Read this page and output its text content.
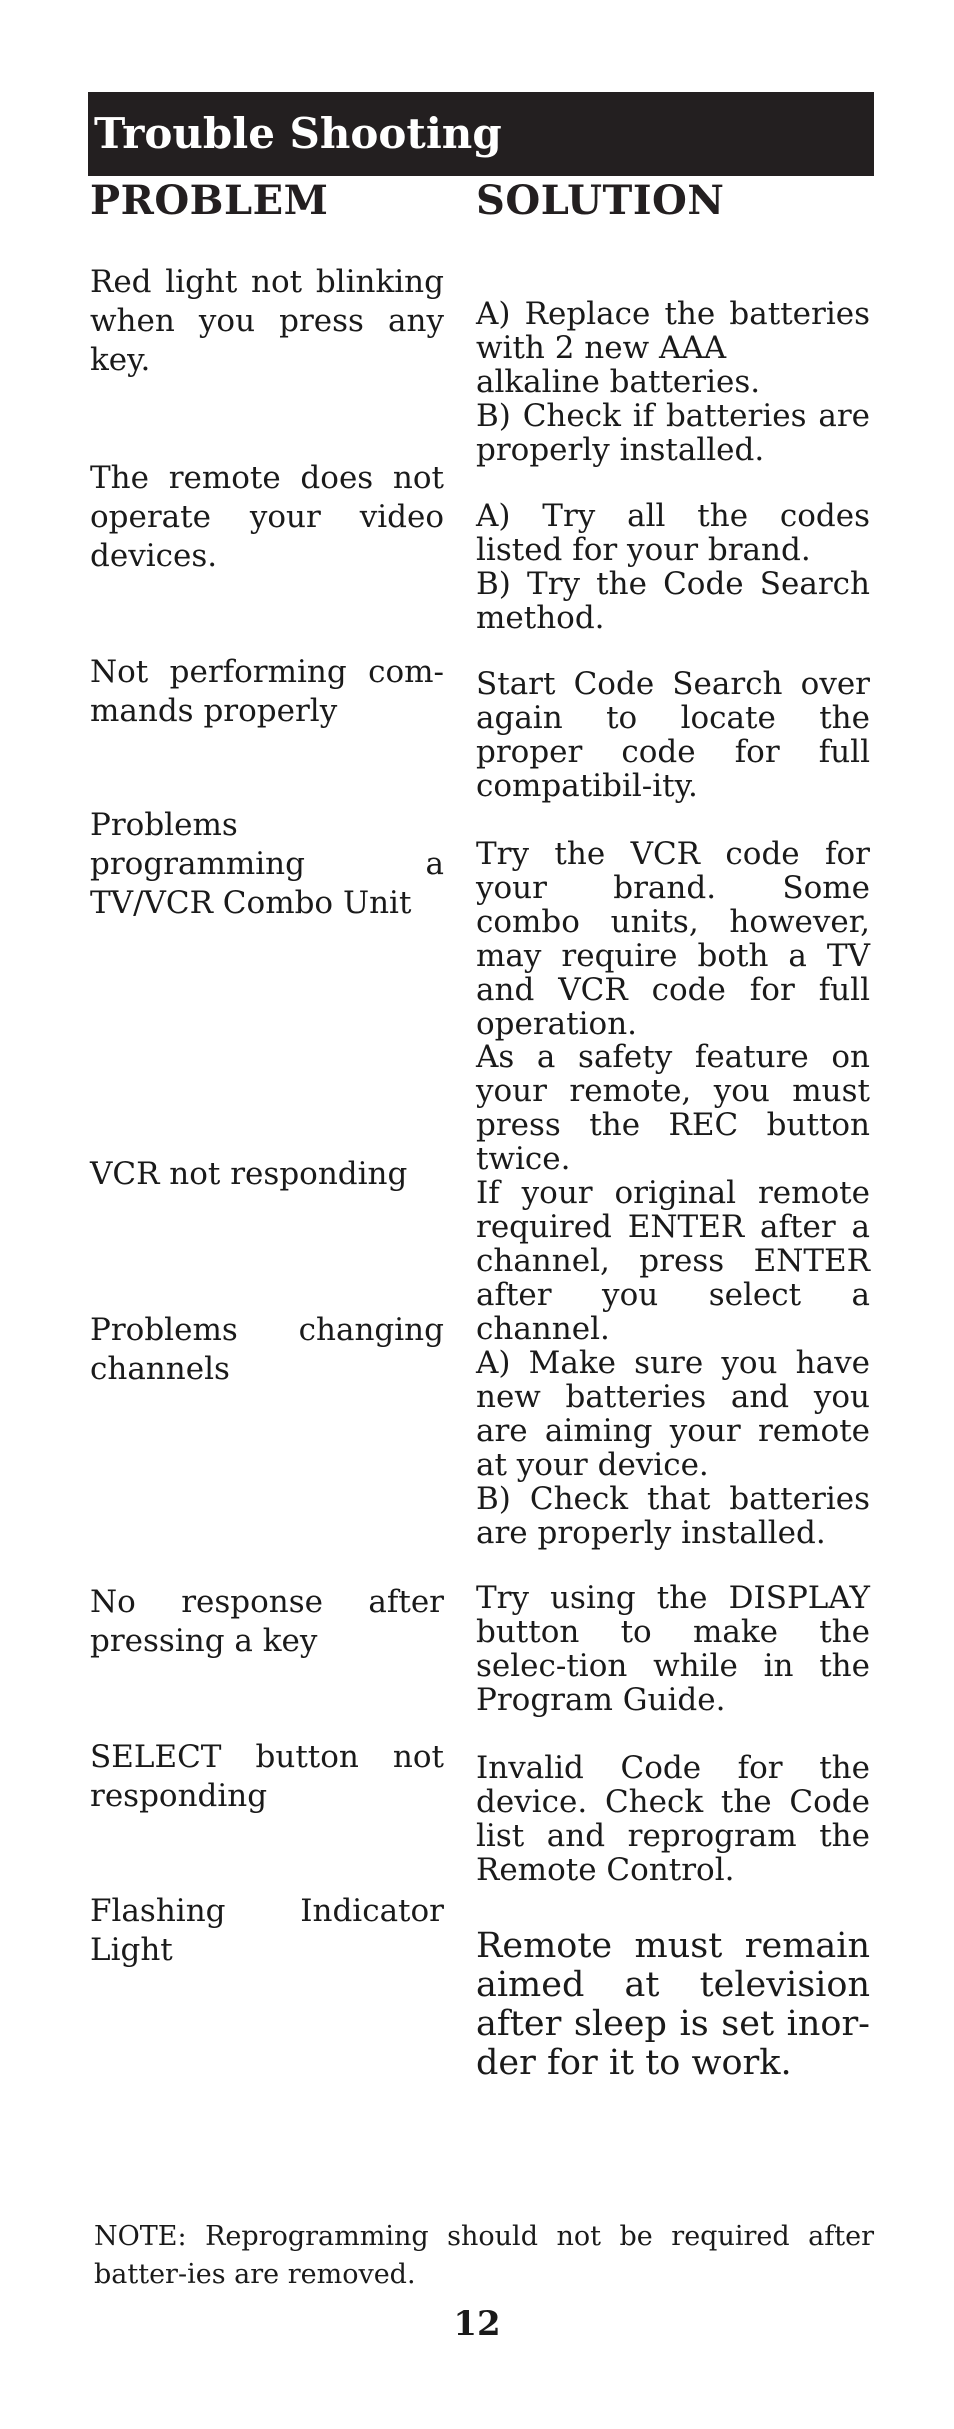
Trouble Shooting
PROBLEM	SOLUTION
Red light not blinking when you press any key.
The remote does not operate your video devices.
Not performing commands properly
Problems programming a TV/VCR Combo Unit
VCR not responding
Problems changing channels
No response after pressing a key
SELECT button not responding
Flashing Indicator Light
A) Replace the batteries with 2 new AAA
alkaline batteries.
B) Check if batteries are properly installed.
A) Try all the codes listed for your brand.
B) Try the Code Search method.
Start Code Search over again to locate the proper code for full compatibil-ity.
Try the VCR code for your brand. Some combo units, however, may require both a TV and VCR code for full operation.
As a safety feature on your remote, you must press the REC button twice.
If your original remote required ENTER after a channel, press ENTER after you select a channel.
A) Make sure you have new batteries and you are aiming your remote at your device.
B) Check that batteries are properly installed.
Try using the DISPLAY button to make the selec-tion while in the Program Guide.
Invalid Code for the device. Check the Code list and reprogram the Remote Control.
Remote must remain aimed at television after sleep is set inor-der for it to work.
NOTE: Reprogramming should not be required after batter-ies are removed.
12
